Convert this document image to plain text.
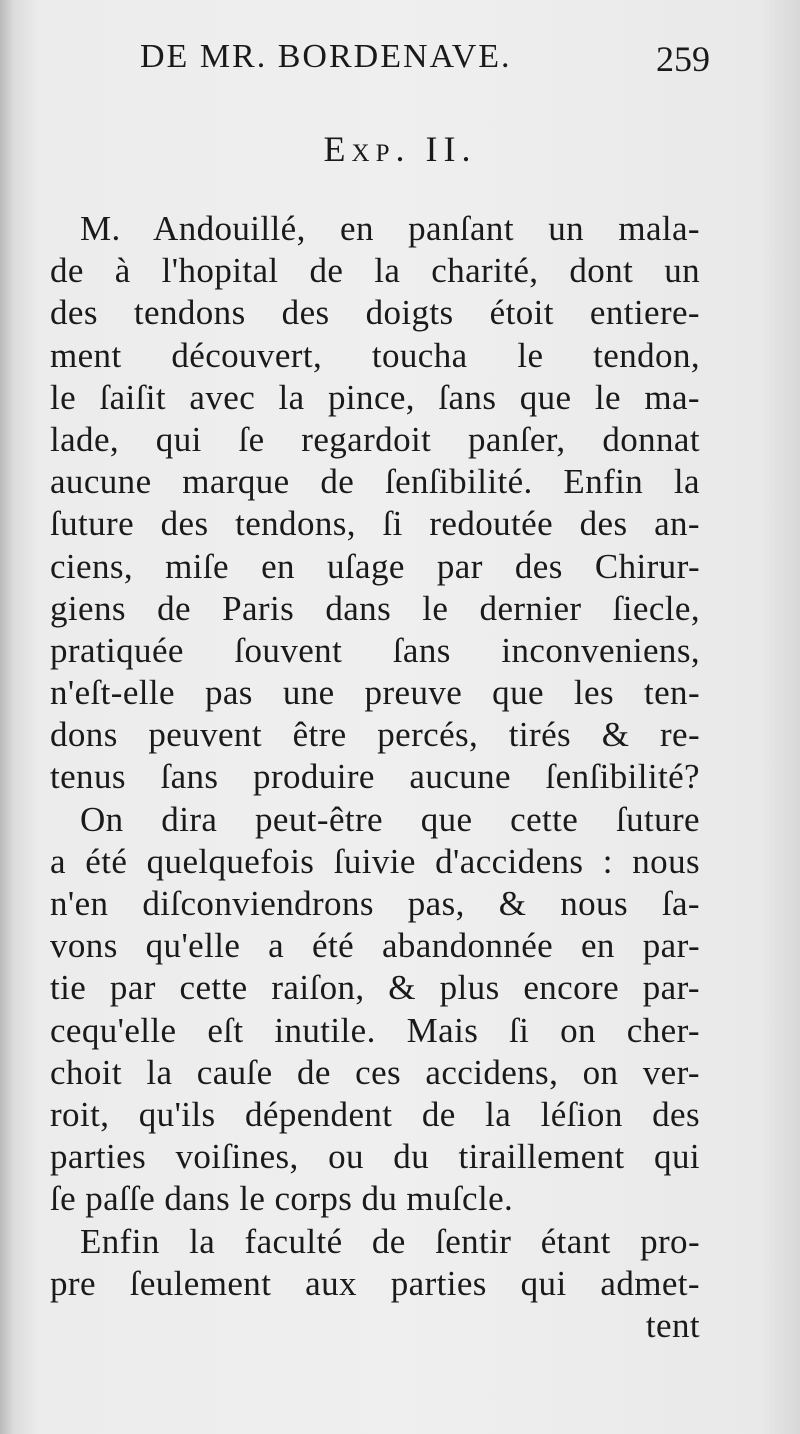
DE MR. BORDENAVE.	259
Exp. II.
M. Andouillé, en panſant un mala-
de à l'hopital de la charité, dont un
des tendons des doigts étoit entiere-
ment découvert, toucha le tendon,
le ſaiſit avec la pince, ſans que le ma-
lade, qui ſe regardoit panſer, donnat
aucune marque de ſenſibilité. Enfin la
ſuture des tendons, ſi redoutée des an-
ciens, miſe en uſage par des Chirur-
giens de Paris dans le dernier ſiecle,
pratiquée ſouvent ſans inconveniens,
n'eſt-elle pas une preuve que les ten-
dons peuvent être percés, tirés & re-
tenus ſans produire aucune ſenſibilité?
On dira peut-être que cette ſuture
a été quelquefois ſuivie d'accidens : nous
n'en diſconviendrons pas, & nous ſa-
vons qu'elle a été abandonnée en par-
tie par cette raiſon, & plus encore par-
cequ'elle eſt inutile. Mais ſi on cher-
choit la cauſe de ces accidens, on ver-
roit, qu'ils dépendent de la léſion des
parties voiſines, ou du tiraillement qui
ſe paſſe dans le corps du muſcle.
Enfin la faculté de ſentir étant pro-
pre ſeulement aux parties qui admet-
tent
